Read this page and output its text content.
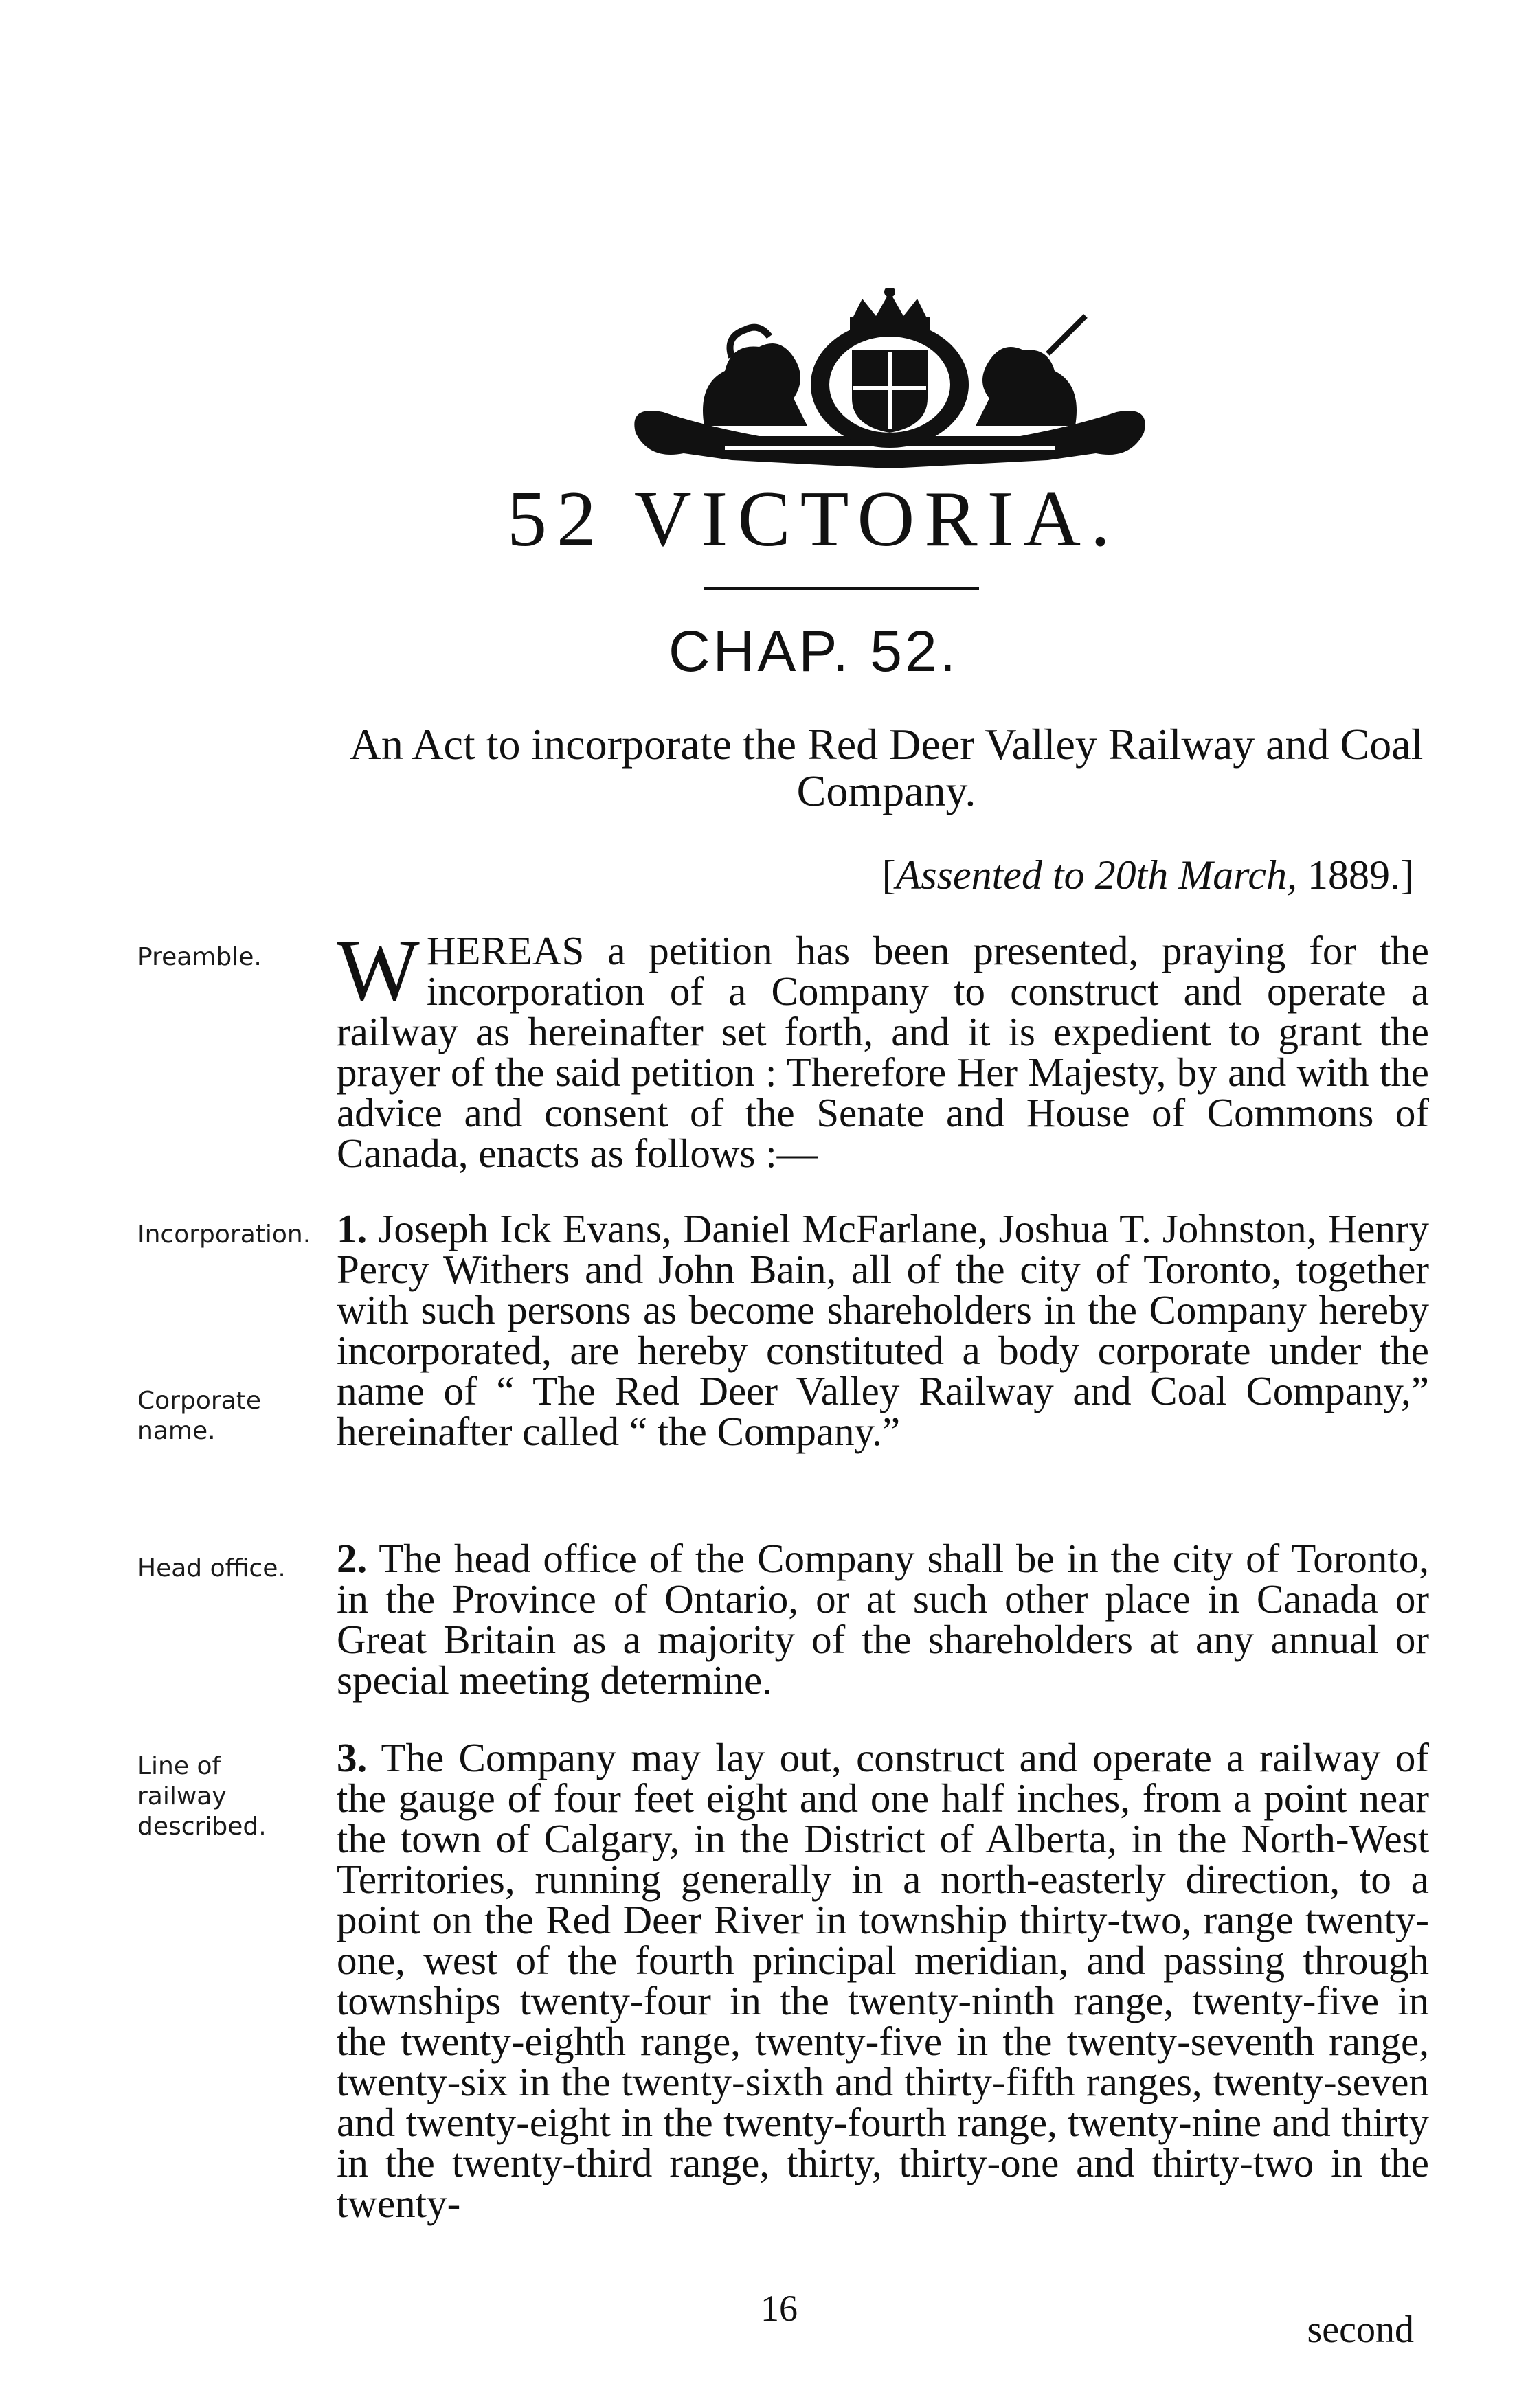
52 VICTORIA.
CHAP. 52.
An Act to incorporate the Red Deer Valley Railway and Coal Company.
[Assented to 20th March, 1889.]
Preamble. WHEREAS a petition has been presented, praying for the incorporation of a Company to construct and operate a railway as hereinafter set forth, and it is expedient to grant the prayer of the said petition : Therefore Her Majesty, by and with the advice and consent of the Senate and House of Commons of Canada, enacts as follows :—
Incorporation.
Corporate name.
1. Joseph Ick Evans, Daniel McFarlane, Joshua T. Johnston, Henry Percy Withers and John Bain, all of the city of Toronto, together with such persons as become shareholders in the Company hereby incorporated, are hereby constituted a body corporate under the name of “ The Red Deer Valley Railway and Coal Company,” hereinafter called “ the Company.”
Head office.	2. The head office of the Company shall be in the city of Toronto, in the Province of Ontario, or at such other place in Canada or Great Britain as a majority of the shareholders at any annual or special meeting determine.
Line of railway described.
3. The Company may lay out, construct and operate a railway of the gauge of four feet eight and one half inches, from a point near the town of Calgary, in the District of Alberta, in the North-West Territories, running generally in a north-easterly direction, to a point on the Red Deer River in township thirty-two, range twenty-one, west of the fourth principal meridian, and passing through townships twenty-four in the twenty-ninth range, twenty-five in the twenty-eighth range, twenty-five in the twenty-seventh range, twenty-six in the twenty-sixth and thirty-fifth ranges, twenty-seven and twenty-eight in the twenty-fourth range, twenty-nine and thirty in the twenty-third range, thirty, thirty-one and thirty-two in the twenty-
16	second
